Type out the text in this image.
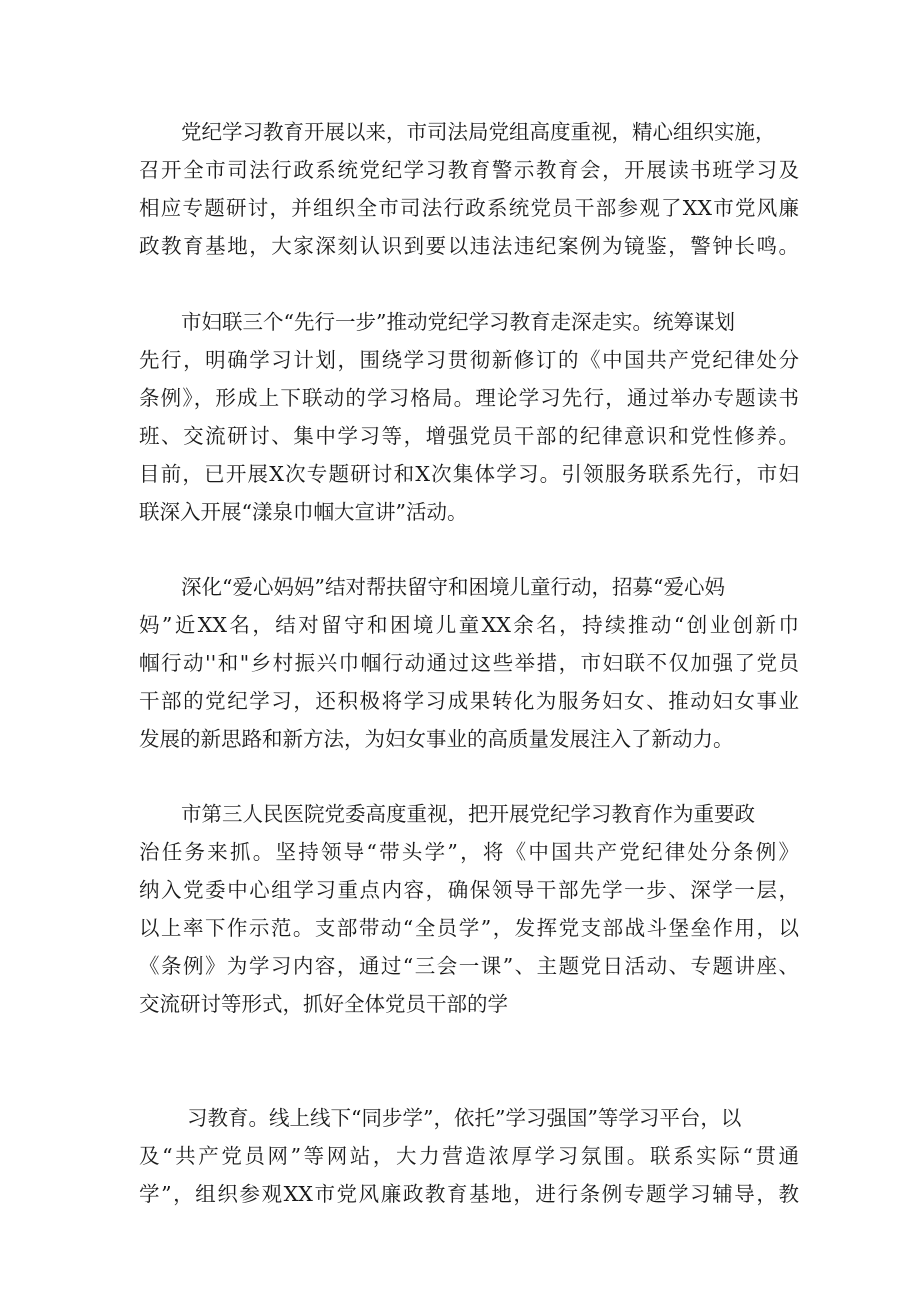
党纪学习教育开展以来，市司法局党组高度重视，精心组织实施，
召开全市司法行政系统党纪学习教育警示教育会，开展读书班学习及
相应专题研讨，并组织全市司法行政系统党员干部参观了XX市党风廉
政教育基地，大家深刻认识到要以违法违纪案例为镜鉴，警钟长鸣。
市妇联三个“先行一步”推动党纪学习教育走深走实。统筹谋划
先行，明确学习计划，围绕学习贯彻新修订的《中国共产党纪律处分
条例》，形成上下联动的学习格局。理论学习先行，通过举办专题读书
班、交流研讨、集中学习等，增强党员干部的纪律意识和党性修养。
目前，已开展X次专题研讨和X次集体学习。引领服务联系先行，市妇
联深入开展“漾泉巾帼大宣讲”活动。
深化“爱心妈妈”结对帮扶留守和困境儿童行动，招募“爱心妈
妈”近XX名，结对留守和困境儿童XX余名，持续推动“创业创新巾
帼行动''和"乡村振兴巾帼行动通过这些举措，市妇联不仅加强了党员
干部的党纪学习，还积极将学习成果转化为服务妇女、推动妇女事业
发展的新思路和新方法，为妇女事业的高质量发展注入了新动力。
市第三人民医院党委高度重视，把开展党纪学习教育作为重要政
治任务来抓。坚持领导“带头学”，将《中国共产党纪律处分条例》
纳入党委中心组学习重点内容，确保领导干部先学一步、深学一层，
以上率下作示范。支部带动“全员学”，发挥党支部战斗堡垒作用，以
《条例》为学习内容，通过“三会一课”、主题党日活动、专题讲座、
交流研讨等形式，抓好全体党员干部的学
习教育。线上线下“同步学”，依托”学习强国”等学习平台，以
及“共产党员网”等网站，大力营造浓厚学习氛围。联系实际“贯通
学”，组织参观XX市党风廉政教育基地，进行条例专题学习辅导，教
